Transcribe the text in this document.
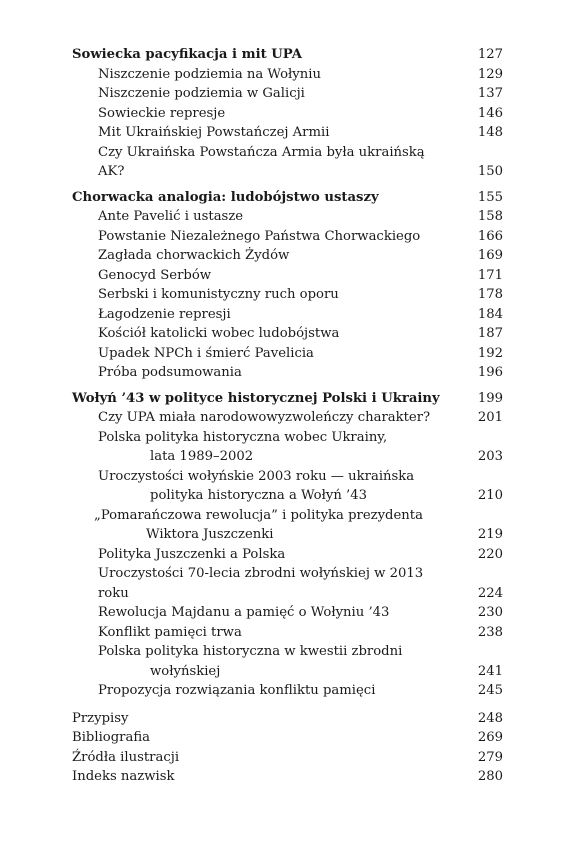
Sowiecka pacyfikacja i mit UPA	127
Niszczenie podziemia na Wołyniu	129
Niszczenie podziemia w Galicji	137
Sowieckie represje	146
Mit Ukraińskiej Powstańczej Armii	148
Czy Ukraińska Powstańcza Armia była ukraińską AK?	150
Chorwacka analogia: ludobójstwo ustaszy	155
Ante Pavelić i ustasze	158
Powstanie Niezależnego Państwa Chorwackiego	166
Zagłada chorwackich Żydów	169
Genocyd Serbów	171
Serbski i komunistyczny ruch oporu	178
Łagodzenie represji	184
Kościół katolicki wobec ludobójstwa	187
Upadek NPCh i śmierć Pavelicia	192
Próba podsumowania	196
Wołyń ’43 w polityce historycznej Polski i Ukrainy	199
Czy UPA miała narodowowyzwoleńczy charakter?	201
Polska polityka historyczna wobec Ukrainy,
lata 1989–2002	203
Uroczystości wołyńskie 2003 roku — ukraińska
polityka historyczna a Wołyń ’43	210
„Pomarańczowa rewolucja” i polityka prezydenta
Wiktora Juszczenki	219
Polityka Juszczenki a Polska	220
Uroczystości 70-lecia zbrodni wołyńskiej w 2013 roku	224
Rewolucja Majdanu a pamięć o Wołyniu ’43	230
Konflikt pamięci trwa	238
Polska polityka historyczna w kwestii zbrodni
wołyńskiej	241
Propozycja rozwiązania konfliktu pamięci	245
Przypisy	248
Bibliografia	269
Źródła ilustracji	279
Indeks nazwisk	280
